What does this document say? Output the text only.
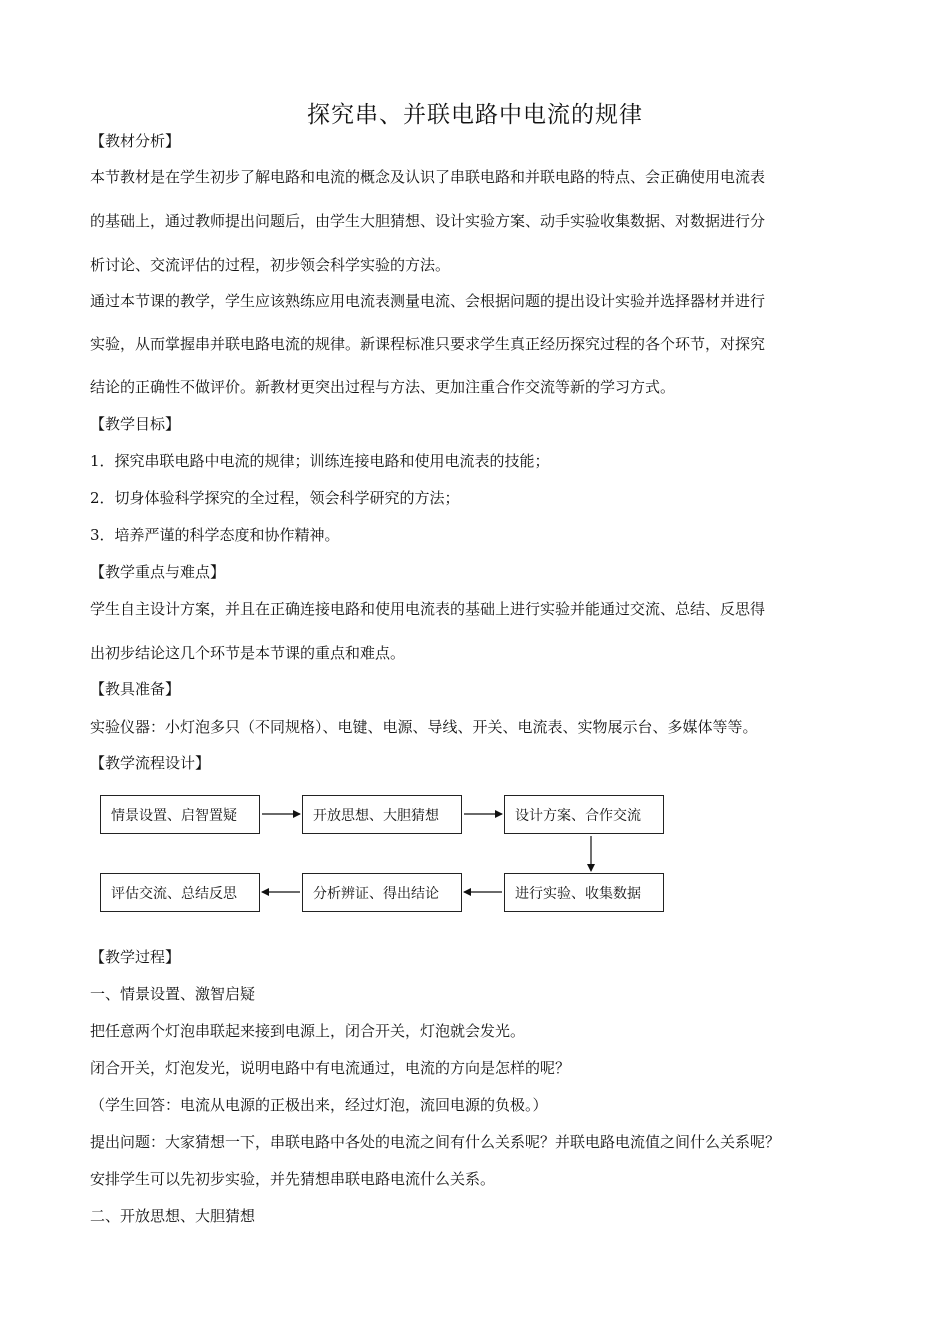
探究串、并联电路中电流的规律
【教材分析】
本节教材是在学生初步了解电路和电流的概念及认识了串联电路和并联电路的特点、会正确使用电流表
的基础上，通过教师提出问题后，由学生大胆猜想、设计实验方案、动手实验收集数据、对数据进行分
析讨论、交流评估的过程，初步领会科学实验的方法。
通过本节课的教学，学生应该熟练应用电流表测量电流、会根据问题的提出设计实验并选择器材并进行
实验，从而掌握串并联电路电流的规律。新课程标准只要求学生真正经历探究过程的各个环节，对探究
结论的正确性不做评价。新教材更突出过程与方法、更加注重合作交流等新的学习方式。
【教学目标】
1．探究串联电路中电流的规律；训练连接电路和使用电流表的技能；
2．切身体验科学探究的全过程，领会科学研究的方法；
3．培养严谨的科学态度和协作精神。
【教学重点与难点】
学生自主设计方案，并且在正确连接电路和使用电流表的基础上进行实验并能通过交流、总结、反思得
出初步结论这几个环节是本节课的重点和难点。
【教具准备】
实验仪器：小灯泡多只（不同规格）、电键、电源、导线、开关、电流表、实物展示台、多媒体等等。
【教学流程设计】
情景设置、启智置疑	开放思想、大胆猜想	设计方案、合作交流
进行实验、收集数据
分析辨证、得出结论
评估交流、总结反思
【教学过程】
一、情景设置、激智启疑
把任意两个灯泡串联起来接到电源上，闭合开关，灯泡就会发光。
闭合开关，灯泡发光，说明电路中有电流通过，电流的方向是怎样的呢？
（学生回答：电流从电源的正极出来，经过灯泡，流回电源的负极。）
提出问题：大家猜想一下，串联电路中各处的电流之间有什么关系呢？并联电路电流值之间什么关系呢？
安排学生可以先初步实验，并先猜想串联电路电流什么关系。
二、开放思想、大胆猜想
